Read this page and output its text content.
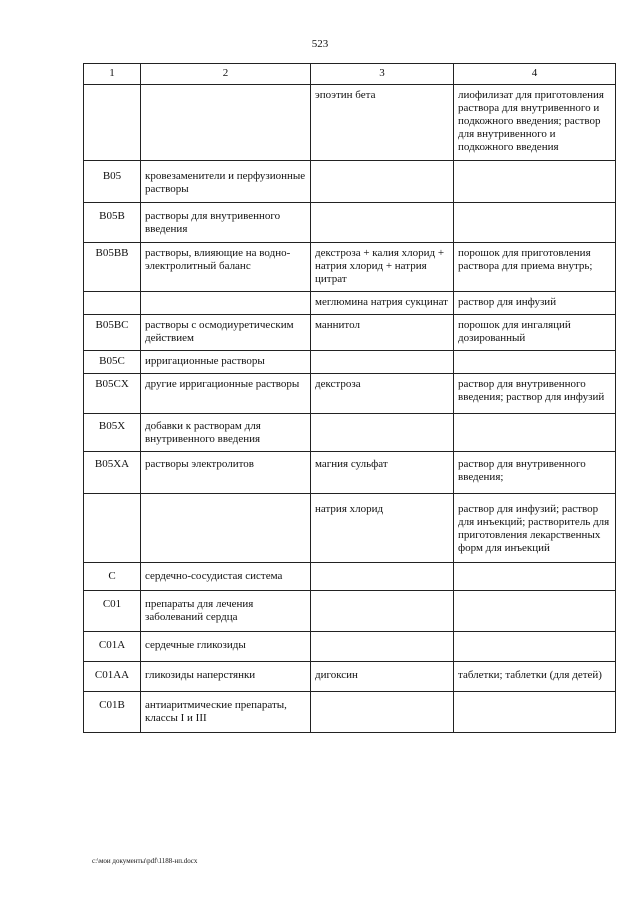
523
1	2	3	4
		эпоэтин бета	лиофилизат для приготовления раствора для внутривенного и подкожного введения; раствор для внутривенного и подкожного введения

B05	кровезаменители и перфузионные растворы		
B05B	растворы для внутривенного введения		
B05BB	растворы, влияющие на водно-электролитный баланс	декстроза + калия хлорид + натрия хлорид + натрия цитрат	порошок для приготовления раствора для приема внутрь;
		меглюмина натрия сукцинат	раствор для инфузий
B05BC	растворы с осмодиуретическим действием	маннитол	порошок для ингаляций дозированный
B05C	ирригационные растворы		
B05CX	другие ирригационные растворы	декстроза	раствор для внутривенного введения; раствор для инфузий
B05X	добавки к растворам для внутривенного введения		
B05XA	растворы электролитов	магния сульфат	раствор для внутривенного введения;
		натрия хлорид	раствор для инфузий; раствор для инъекций; растворитель для приготовления лекарственных форм для инъекций
C	сердечно-сосудистая система		
C01	препараты для лечения заболеваний сердца		
C01A	сердечные гликозиды		
C01AA	гликозиды наперстянки	дигоксин	таблетки; таблетки (для детей)
C01B	антиаритмические препараты, классы I и III		
c:\мои документы\pdf\1188-нп.docx
